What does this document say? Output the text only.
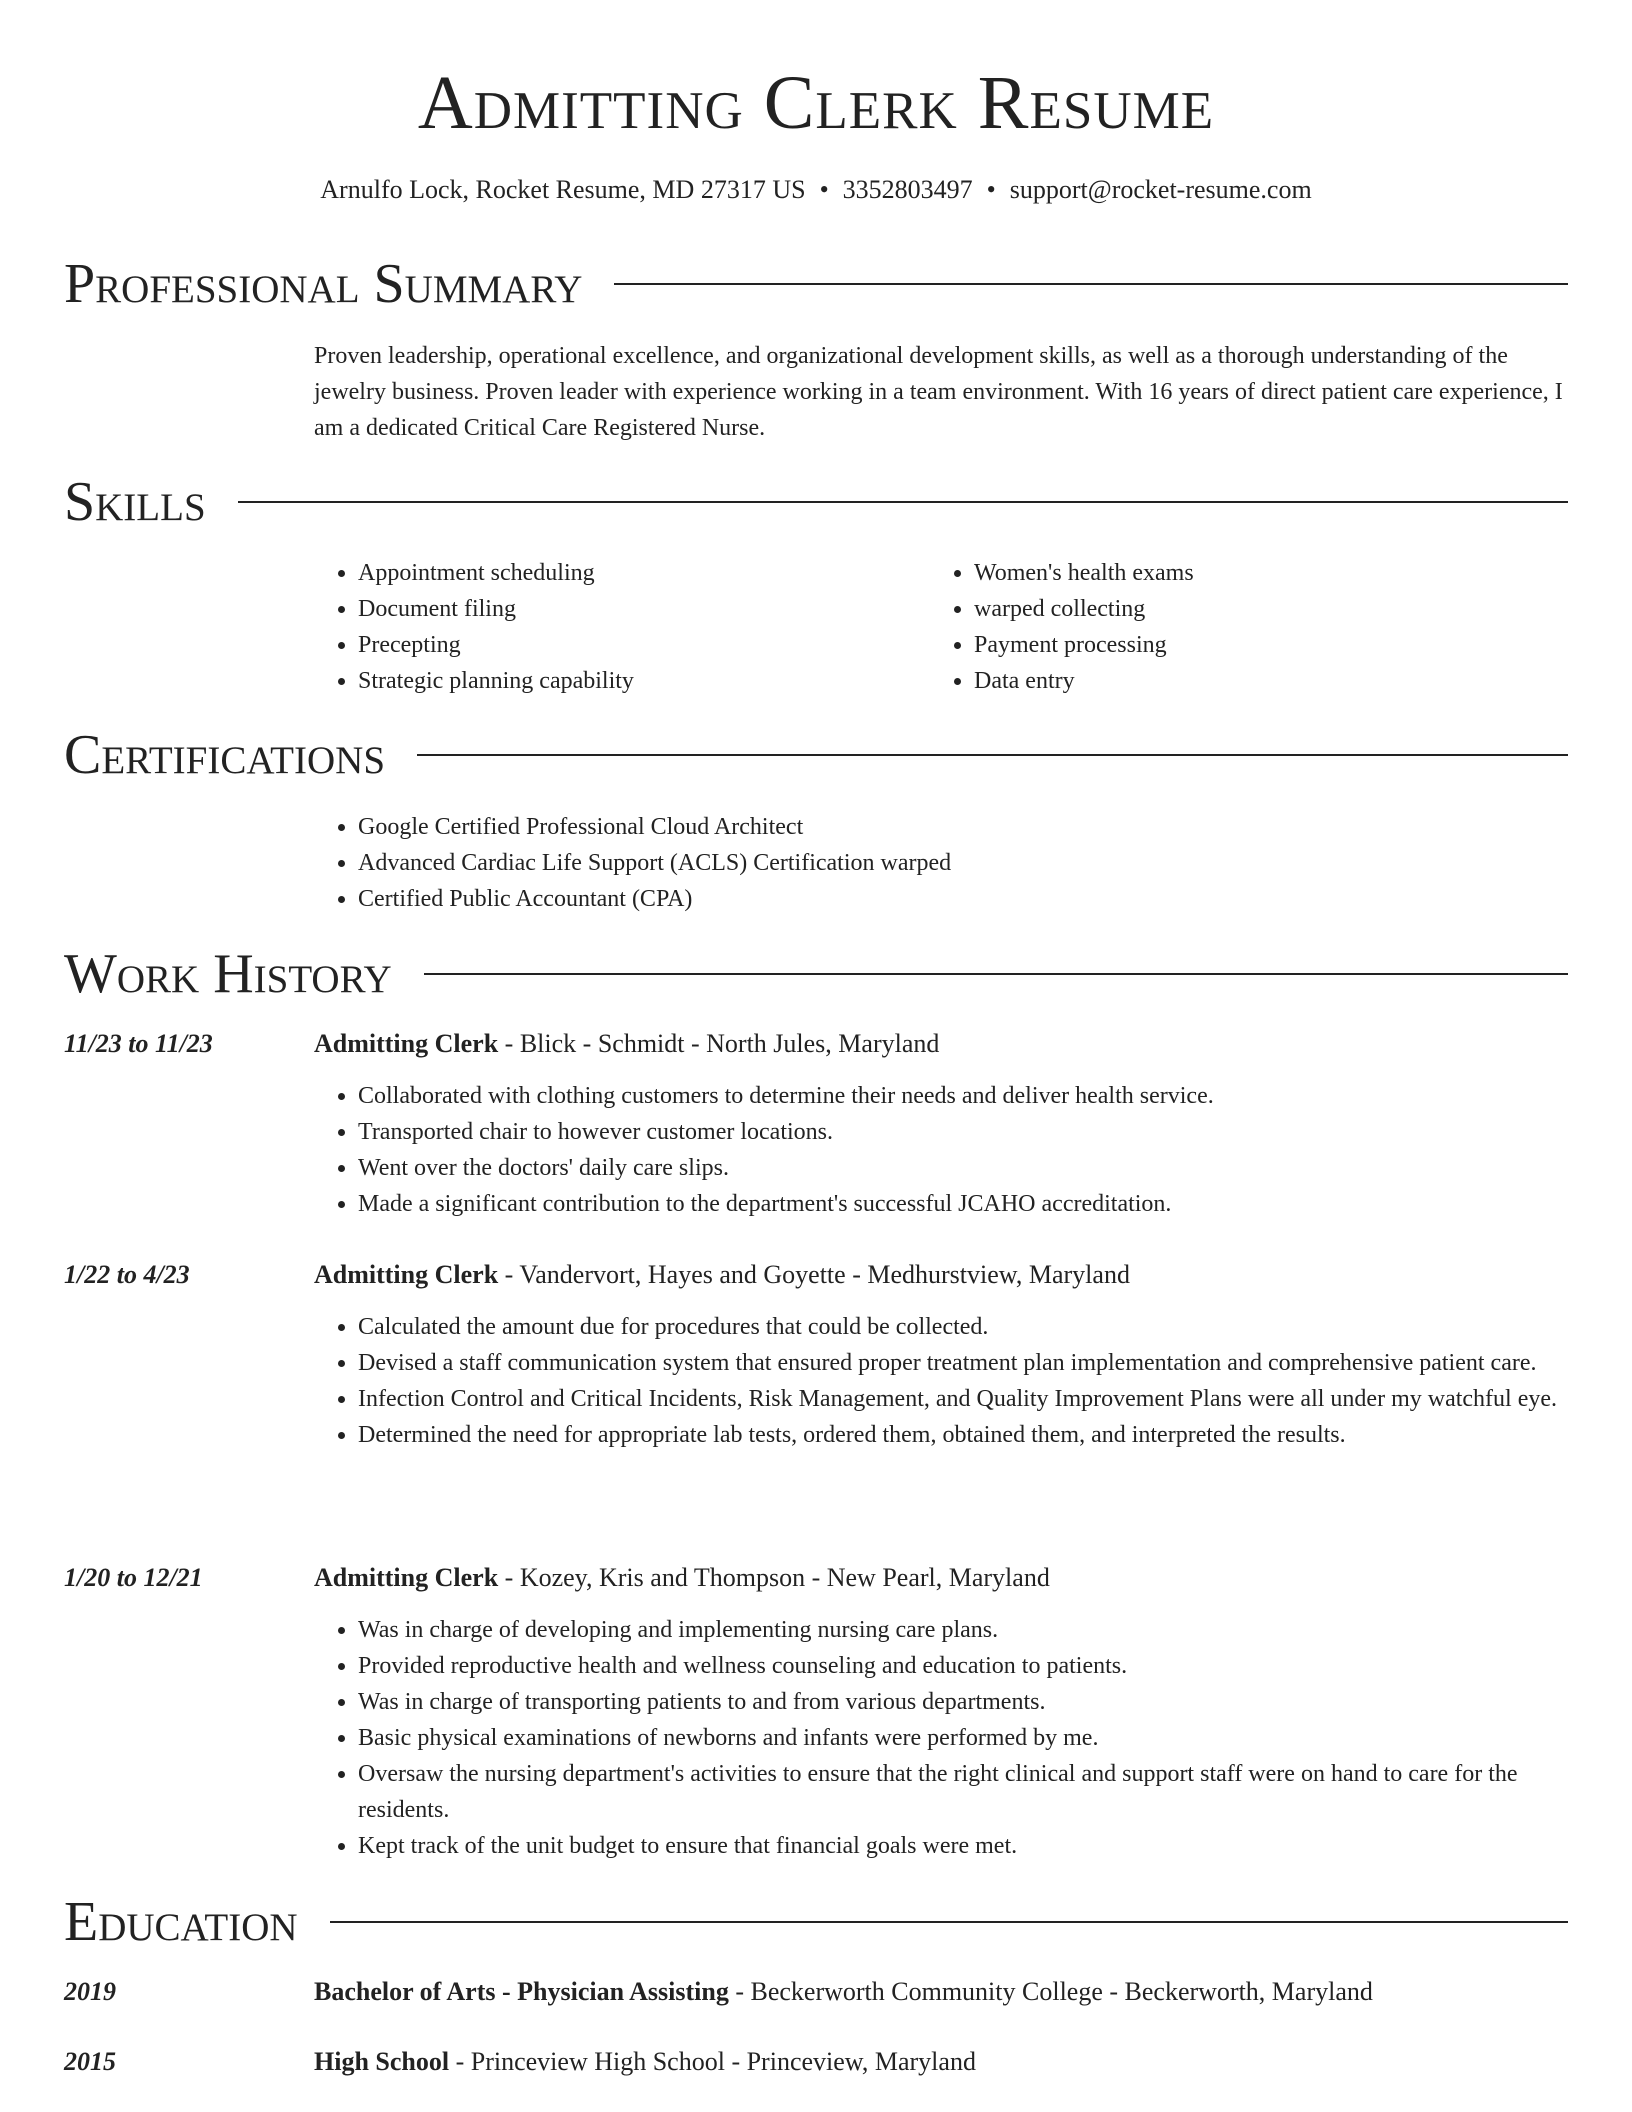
Admitting Clerk Resume
Arnulfo Lock, Rocket Resume, MD 27317 US • 3352803497 • support@rocket-resume.com
Professional Summary

Proven leadership, operational excellence, and organizational development skills, as well as a thorough understanding of the jewelry business. Proven leader with experience working in a team environment. With 16 years of direct patient care experience, I am a dedicated Critical Care Registered Nurse.

Skills
• Appointment scheduling
• Document filing
• Precepting
• Strategic planning capability
• Women's health exams
• warped collecting
• Payment processing
• Data entry
Certifications
• Google Certified Professional Cloud Architect
• Advanced Cardiac Life Support (ACLS) Certification warped
• Certified Public Accountant (CPA)
Work History
11/23 to 11/23	Admitting Clerk - Blick - Schmidt - North Jules, Maryland
• Collaborated with clothing customers to determine their needs and deliver health service.
• Transported chair to however customer locations.
• Went over the doctors' daily care slips.
• Made a significant contribution to the department's successful JCAHO accreditation.
1/22 to 4/23	Admitting Clerk - Vandervort, Hayes and Goyette - Medhurstview, Maryland
• Calculated the amount due for procedures that could be collected.
• Devised a staff communication system that ensured proper treatment plan implementation and comprehensive patient care.
• Infection Control and Critical Incidents, Risk Management, and Quality Improvement Plans were all under my watchful eye.
• Determined the need for appropriate lab tests, ordered them, obtained them, and interpreted the results.
1/20 to 12/21	Admitting Clerk - Kozey, Kris and Thompson - New Pearl, Maryland
• Was in charge of developing and implementing nursing care plans.
• Provided reproductive health and wellness counseling and education to patients.
• Was in charge of transporting patients to and from various departments.
• Basic physical examinations of newborns and infants were performed by me.
• Oversaw the nursing department's activities to ensure that the right clinical and support staff were on hand to care for the residents.
• Kept track of the unit budget to ensure that financial goals were met.
Education
2019	Bachelor of Arts - Physician Assisting - Beckerworth Community College - Beckerworth, Maryland
2015	High School - Princeview High School - Princeview, Maryland
